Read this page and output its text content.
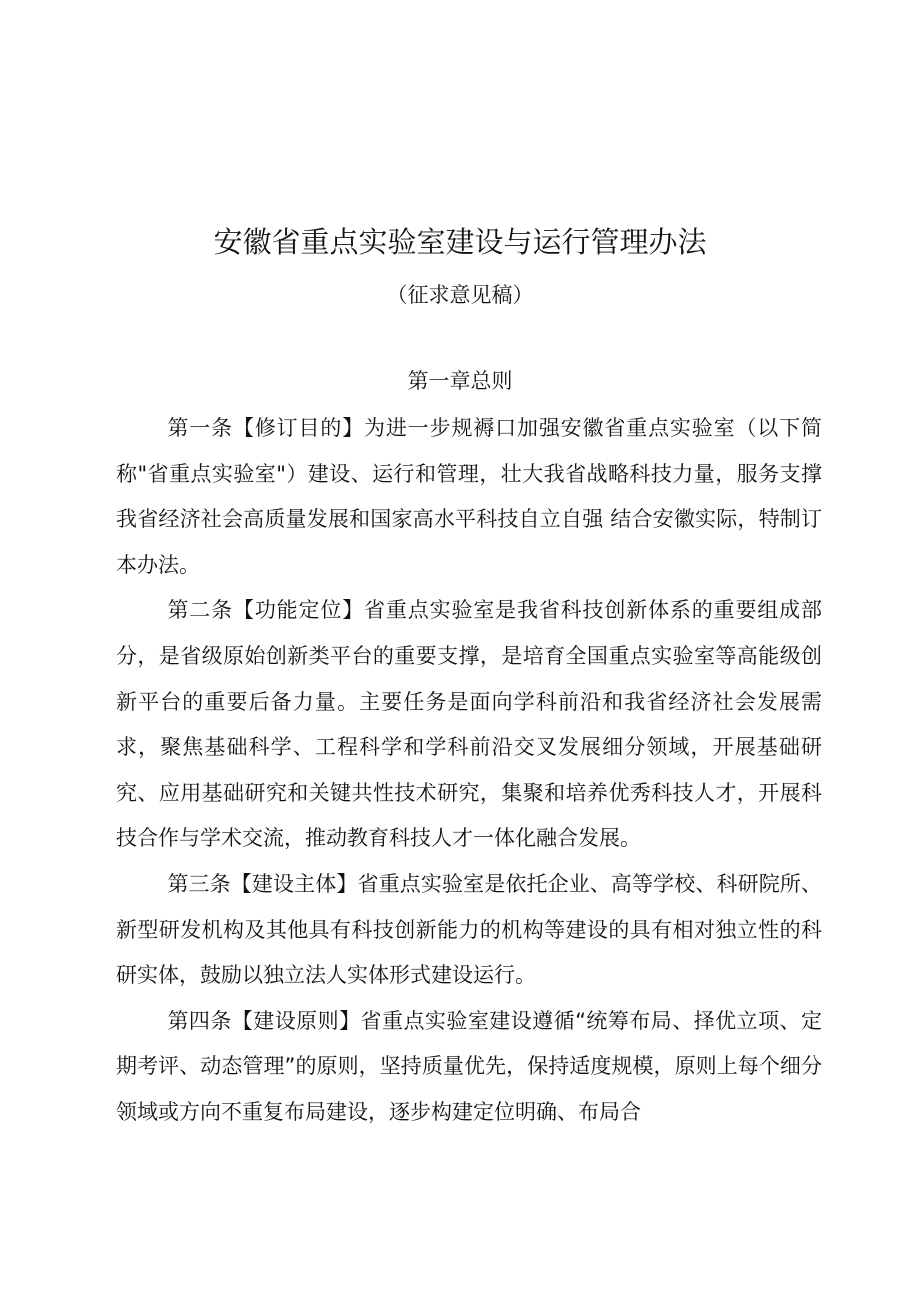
安徽省重点实验室建设与运行管理办法
（征求意见稿）
第一章总则

第一条【修订目的】为进一步规褥口加强安徽省重点实验室（以下简称"省重点实验室"）建设、运行和管理，壮大我省战略科技力量，服务支撑我省经济社会高质量发展和国家高水平科技自立自强 结合安徽实际，特制订本办法。

第二条【功能定位】省重点实验室是我省科技创新体系的重要组成部分，是省级原始创新类平台的重要支撑，是培育全国重点实验室等高能级创新平台的重要后备力量。主要任务是面向学科前沿和我省经济社会发展需求，聚焦基础科学、工程科学和学科前沿交叉发展细分领域，开展基础研究、应用基础研究和关键共性技术研究，集聚和培养优秀科技人才，开展科技合作与学术交流，推动教育科技人才一体化融合发展。

第三条【建设主体】省重点实验室是依托企业、高等学校、科研院所、新型研发机构及其他具有科技创新能力的机构等建设的具有相对独立性的科研实体，鼓励以独立法人实体形式建设运行。

第四条【建设原则】省重点实验室建设遵循“统筹布局、择优立项、定期考评、动态管理”的原则，坚持质量优先，保持适度规模，原则上每个细分领域或方向不重复布局建设，逐步构建定位明确、布局合
